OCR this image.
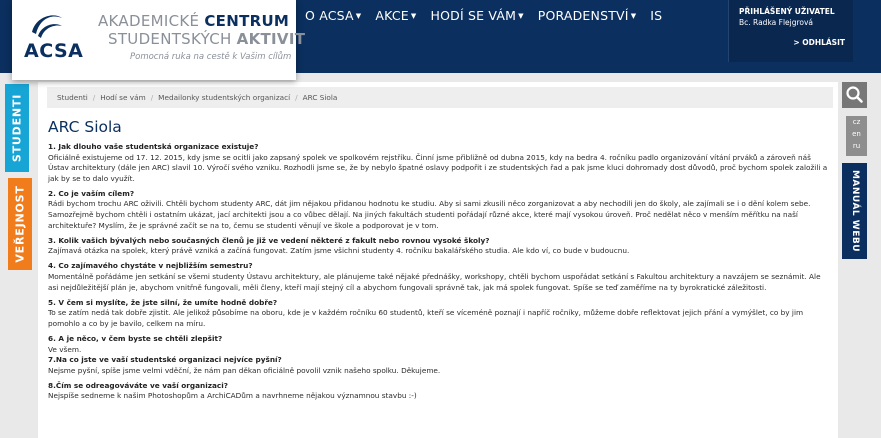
O ACSA ▼ AKCE ▼ HODÍ SE VÁM ▼ PORADENSTVÍ ▼ IS	PŘIHLÁŠENÝ UŽIVATEL
Bc. Radka Flejgrová
> ODHLÁSIT
ACSA
AKADEMICKÉ CENTRUM
STUDENTSKÝCH AKTIVIT
Pomocná ruka na cestě k Vašim cílům
STUDENTI
VEŘEJNOST
cz
en
ru
MANUÁL WEBU
Studenti / Hodí se vám / Medailonky studentských organizací / ARC Siola
ARC Siola
1. Jak dlouho vaše studentská organizace existuje?
Oficiálně existujeme od 17. 12. 2015, kdy jsme se ocitli jako zapsaný spolek ve spolkovém rejstříku. Činní jsme přibližně od dubna 2015, kdy na bedra 4. ročníku padlo organizování vítání prváků a zároveň náš Ústav architektury (dále jen ARC) slavil 10. Výročí svého vzniku. Rozhodli jsme se, že by nebylo špatné oslavy podpořit i ze studentských řad a pak jsme kluci dohromady dost důvodů, proč bychom spolek založili a jak by se to dalo využít.
2. Co je vaším cílem?
Rádi bychom trochu ARC oživili. Chtěli bychom studenty ARC, dát jim nějakou přidanou hodnotu ke studiu. Aby si sami zkusili něco zorganizovat a aby nechodili jen do školy, ale zajímali se i o dění kolem sebe. Samozřejmě bychom chtěli i ostatním ukázat, jací architekti jsou a co vůbec dělají. Na jiných fakultách studenti pořádají různé akce, které mají vysokou úroveň. Proč nedělat něco v menším měřítku na naší architektuře? Myslím, že je správné začít se na to, čemu se studenti věnují ve škole a podporovat je v tom.
3. Kolik vašich bývalých nebo současných členů je již ve vedení některé z fakult nebo rovnou vysoké školy?
Zajímavá otázka na spolek, který právě vzniká a začíná fungovat. Zatím jsme všichni studenty 4. ročníku bakalářského studia. Ale kdo ví, co bude v budoucnu.
4. Co zajímavého chystáte v nejbližším semestru?
Momentálně pořádáme jen setkání se všemi studenty Ústavu architektury, ale plánujeme také nějaké přednášky, workshopy, chtěli bychom uspořádat setkání s Fakultou architektury a navzájem se seznámit. Ale asi nejdůležitější plán je, abychom vnitřně fungovali, měli členy, kteří mají stejný cíl a abychom fungovali správně tak, jak má spolek fungovat. Spíše se teď zaměříme na ty byrokratické záležitosti.
5. V čem si myslíte, že jste silní, že umíte hodně dobře?
To se zatím nedá tak dobře zjistit. Ale jelikož působíme na oboru, kde je v každém ročníku 60 studentů, kteří se víceméně poznají i napříč ročníky, můžeme dobře reflektovat jejich přání a vymýšlet, co by jim pomohlo a co by je bavilo, celkem na míru.
6. A je něco, v čem byste se chtěli zlepšit?
Ve všem.
7.Na co jste ve vaší studentské organizaci nejvíce pyšní?
Nejsme pyšní, spíše jsme velmi vděční, že nám pan děkan oficiálně povolil vznik našeho spolku. Děkujeme.
8.Čím se odreagováváte ve vaší organizaci?
Nejspíše sedneme k našim Photoshopům a ArchiCADům a navrhneme nějakou významnou stavbu :-)
